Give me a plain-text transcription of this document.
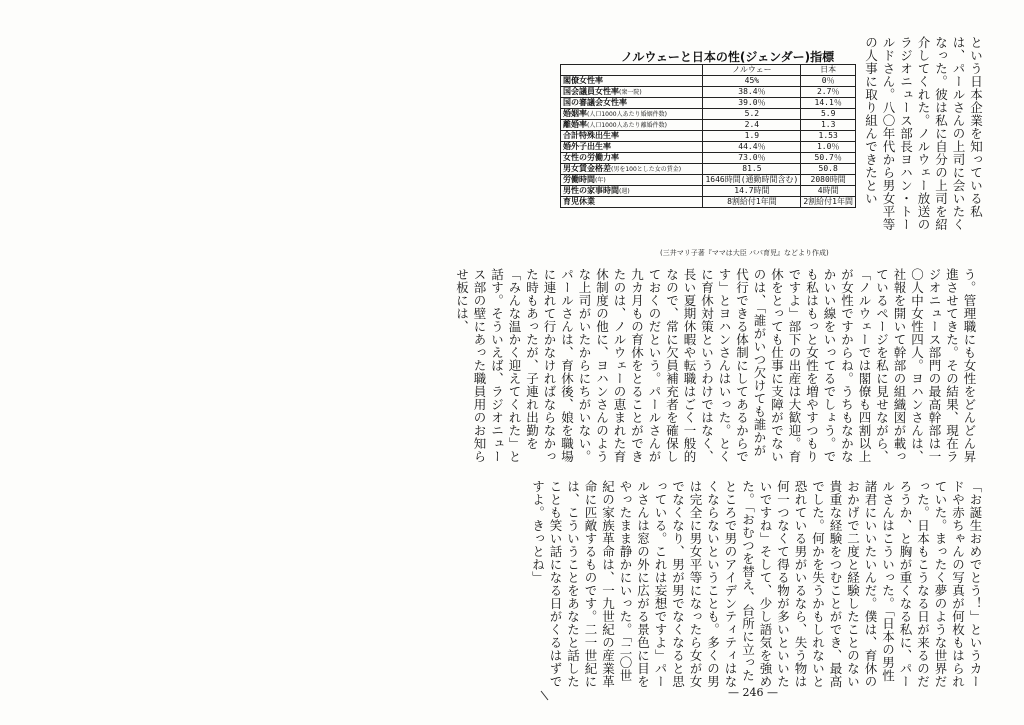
ノルウェーと日本の性(ジェンダー)指標
	ノルウェー	日本
閣僚女性率	45%	0％
国会議員女性率(衆一院)	38.4％	2.7％
国の審議会女性率	39.0％	14.1％
婚姻率(人口1000人あたり婚姻件数)	5.2	5.9
離婚率(人口1000人あたり離婚件数)	2.4	1.3
合計特殊出生率	1.9	1.53
婚外子出生率	44.4％	1.0％
女性の労働力率	73.0％	50.7％
男女賃金格差(男を100とした女の賃金)	81.5	50.8
労働時間(年)	1646時間(通勤時間含む)	2080時間
男性の家事時間(週)	14.7時間	4時間
育児休業	8割給付1年間	2割給付1年間
(三井マリ子著『ママは大臣 パパ育児』などより作成)
という日本企業を知っている私は、パールさんの上司に会いたくなった。彼は私に自分の上司を紹介してくれた。ノルウェー放送のラジオニュース部長ヨハン・トールドさん。八〇年代から男女平等の人事に取り組んできたとい
う。管理職にも女性をどんどん昇進させてきた。その結果、現在ラジオニュース部門の最高幹部は一〇人中女性四人。ヨハンさんは、社報を開いて幹部の組織図が載っているページを私に見せながら、「ノルウェーでは閣僚も四割以上が女性ですからね。うちもなかなかいい線をいってるでしょう。でも私はもっと女性を増やすつもりですよ」部下の出産は大歓迎。育休をとっても仕事に支障がでないのは、「誰がいつ欠けても誰かが代行できる体制にしてあるからです」とヨハンさんはいった。とくに育休対策というわけではなく、長い夏期休暇や転職はごく一般的なので、常に欠員補充者を確保しておくのだという。パールさんが九カ月もの育休をとることができたのは、ノルウェーの恵まれた育休制度の他に、ヨハンさんのような上司がいたからにちがいない。パールさんは、育休後、娘を職場に連れて行かなければならなかった時もあったが、子連れ出勤を「みんな温かく迎えてくれた」と話す。そういえば、ラジオニュース部の壁にあった職員用のお知らせ板には、
「お誕生おめでとう！」というカードや赤ちゃんの写真が何枚もはられていた。まったく夢のような世界だった。日本もこうなる日が来るのだろうか、と胸が重くなる私に、パールさんはこういった。「日本の男性諸君にいいたいんだ。僕は、育休のおかげで二度と経験したことのない貴重な経験をつむことができ、最高でした。何かを失うかもしれないと恐れている男がいるなら、失う物は何一つなくて得る物が多いといいたいですね」そして、少し語気を強めた。「おむつを替え、台所に立ったところで男のアイデンティティはなくならないということも。多くの男は完全に男女平等になったら女が女でなくなり、男が男でなくなると思っている。これは妄想ですよ」パールさんは窓の外に広がる景色に目をやったまま静かにいった。「二〇世紀の家族革命は、一九世紀の産業革命に匹敵するものです。二一世紀には、こういうことをあなたと話したことも笑い話になる日がくるはずですよ。きっとね」
— 246 —
